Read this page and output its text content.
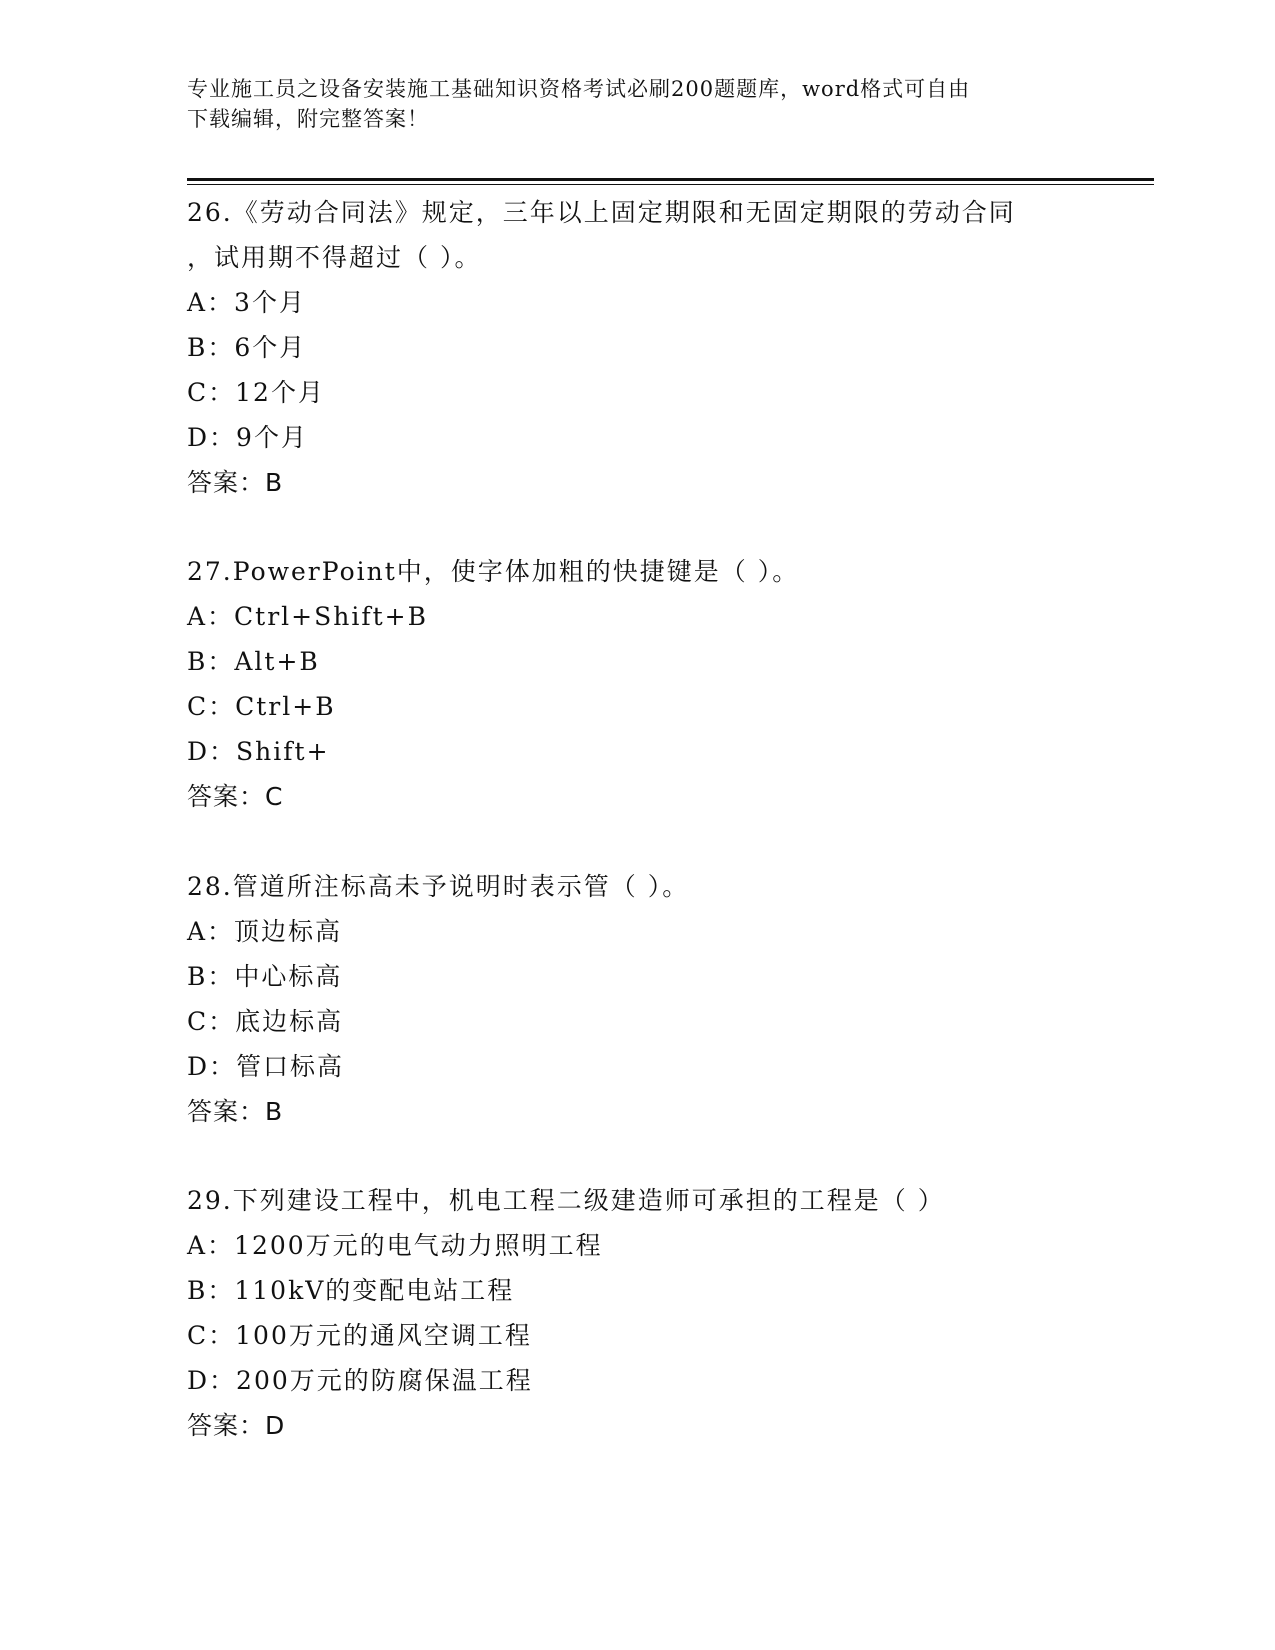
专业施工员之设备安装施工基础知识资格考试必刷200题题库，word格式可自由
下载编辑，附完整答案！
26.《劳动合同法》规定，三年以上固定期限和无固定期限的劳动合同
，试用期不得超过（ ）。
A：3个月
B：6个月
C：12个月
D：9个月
答案：B
27.PowerPoint中，使字体加粗的快捷键是（ ）。
A：Ctrl+Shift+B
B：Alt+B
C：Ctrl+B
D：Shift+
答案：C
28.管道所注标高未予说明时表示管（ ）。
A：顶边标高
B：中心标高
C：底边标高
D：管口标高
答案：B
29.下列建设工程中，机电工程二级建造师可承担的工程是（ ）
A：1200万元的电气动力照明工程
B：110kV的变配电站工程
C：100万元的通风空调工程
D：200万元的防腐保温工程
答案：D
